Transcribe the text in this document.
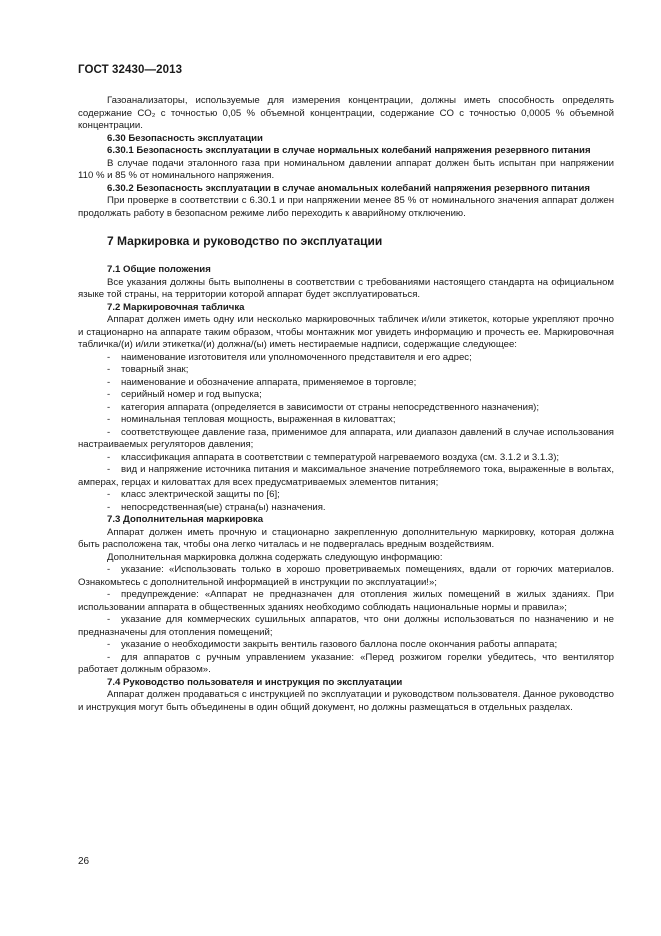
ГОСТ 32430—2013

Газоанализаторы, используемые для измерения концентрации, должны иметь способность определять содержание CO₂ с точностью 0,05 % объемной концентрации, содержание CO с точностью 0,0005 % объемной концентрации.

6.30 Безопасность эксплуатации

6.30.1 Безопасность эксплуатации в случае нормальных колебаний напряжения резервного питания

В случае подачи эталонного газа при номинальном давлении аппарат должен быть испытан при напряжении 110 % и 85 % от номинального напряжения.

6.30.2 Безопасность эксплуатации в случае аномальных колебаний напряжения резервного питания

При проверке в соответствии с 6.30.1 и при напряжении менее 85 % от номинального значения аппарат должен продолжать работу в безопасном режиме либо переходить к аварийному отключению.

7 Маркировка и руководство по эксплуатации

7.1 Общие положения

Все указания должны быть выполнены в соответствии с требованиями настоящего стандарта на официальном языке той страны, на территории которой аппарат будет эксплуатироваться.

7.2 Маркировочная табличка

Аппарат должен иметь одну или несколько маркировочных табличек и/или этикеток, которые укрепляют прочно и стационарно на аппарате таким образом, чтобы монтажник мог увидеть информацию и прочесть ее. Маркировочная табличка/(и) и/или этикетка/(и) должна/(ы) иметь нестираемые надписи, содержащие следующее:

- наименование изготовителя или уполномоченного представителя и его адрес;

- товарный знак;

- наименование и обозначение аппарата, применяемое в торговле;

- серийный номер и год выпуска;

- категория аппарата (определяется в зависимости от страны непосредственного назначения);

- номинальная тепловая мощность, выраженная в киловаттах;

- соответствующее давление газа, применимое для аппарата, или диапазон давлений в случае использования настраиваемых регуляторов давления;

- классификация аппарата в соответствии с температурой нагреваемого воздуха (см. 3.1.2 и 3.1.3);

- вид и напряжение источника питания и максимальное значение потребляемого тока, выраженные в вольтах, амперах, герцах и киловаттах для всех предусматриваемых элементов питания;

- класс электрической защиты по [6];

- непосредственная(ые) страна(ы) назначения.

7.3 Дополнительная маркировка

Аппарат должен иметь прочную и стационарно закрепленную дополнительную маркировку, которая должна быть расположена так, чтобы она легко читалась и не подвергалась вредным воздействиям.

Дополнительная маркировка должна содержать следующую информацию:

- указание: «Использовать только в хорошо проветриваемых помещениях, вдали от горючих материалов. Ознакомьтесь с дополнительной информацией в инструкции по эксплуатации!»;

- предупреждение: «Аппарат не предназначен для отопления жилых помещений в жилых зданиях. При использовании аппарата в общественных зданиях необходимо соблюдать национальные нормы и правила»;

- указание для коммерческих сушильных аппаратов, что они должны использоваться по назначению и не предназначены для отопления помещений;

- указание о необходимости закрыть вентиль газового баллона после окончания работы аппарата;

- для аппаратов с ручным управлением указание: «Перед розжигом горелки убедитесь, что вентилятор работает должным образом».

7.4 Руководство пользователя и инструкция по эксплуатации

Аппарат должен продаваться с инструкцией по эксплуатации и руководством пользователя. Данное руководство и инструкция могут быть объединены в один общий документ, но должны размещаться в отдельных разделах.

26
